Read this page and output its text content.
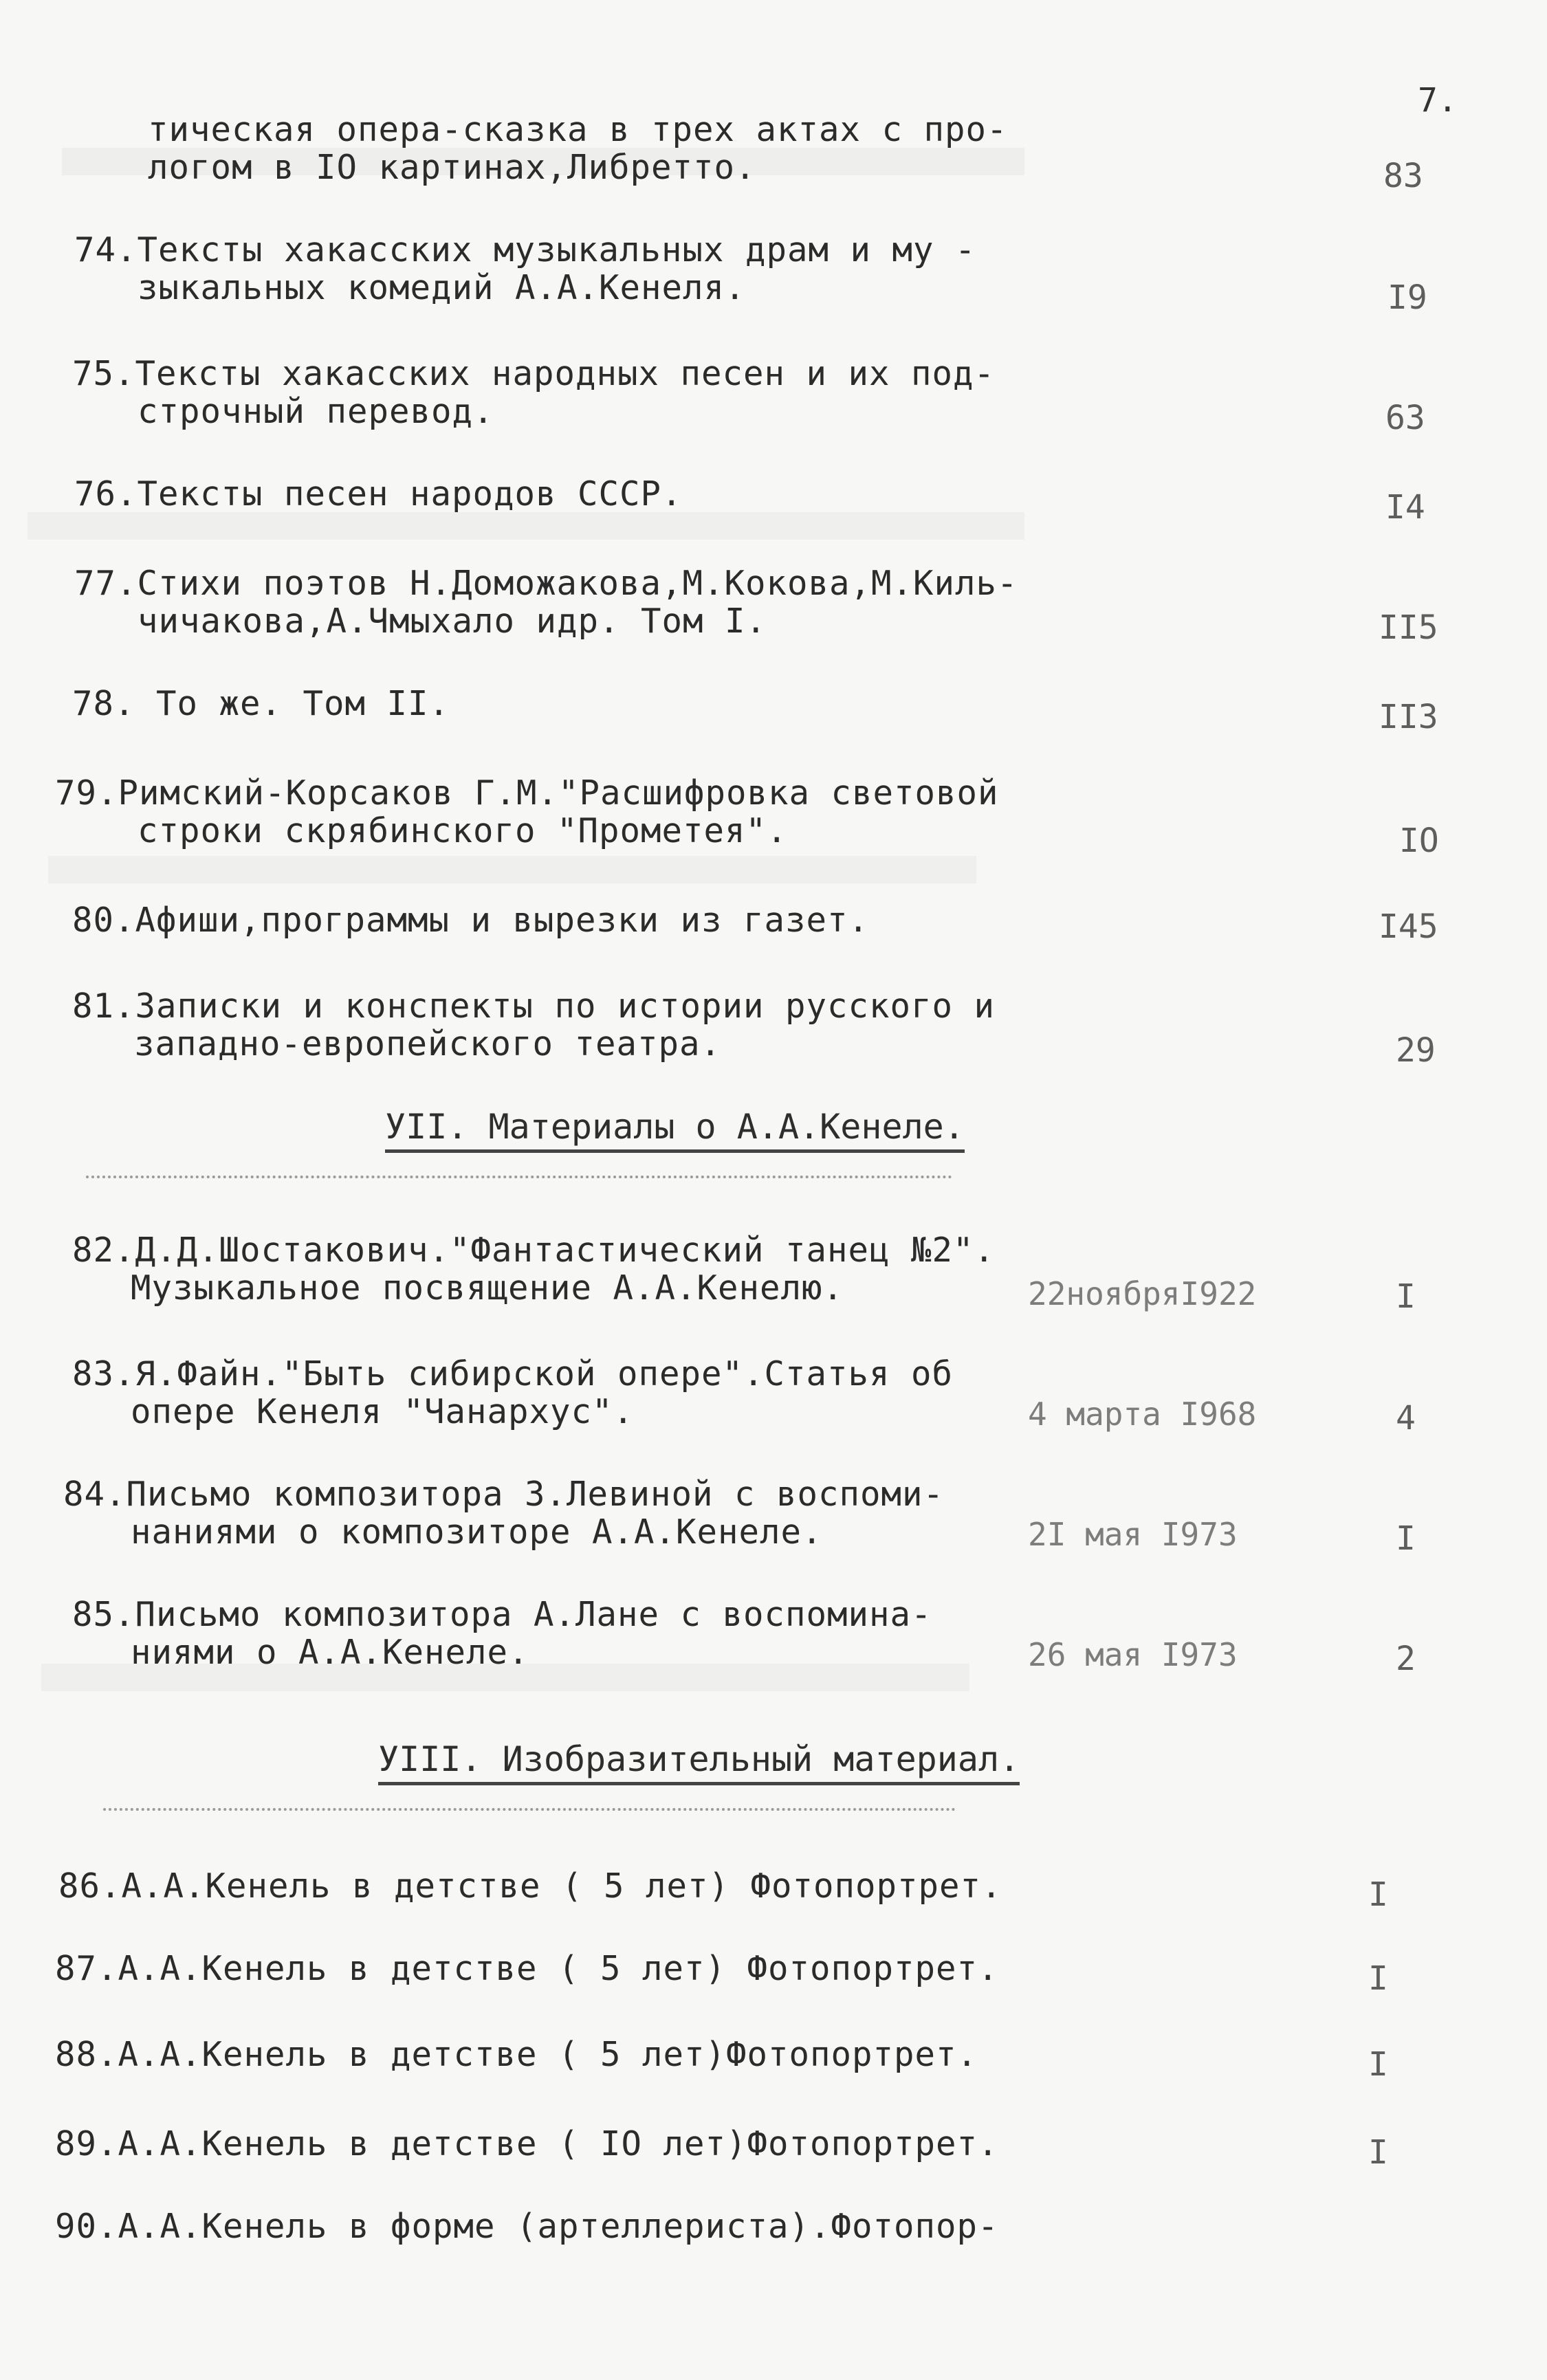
7.
тическая опера-сказка в трех актах с про-
логом в IO картинах,Либретто.	83
74.Тексты хакасских музыкальных драм и му -
зыкальных комедий А.А.Кенеля.	I9
75.Тексты хакасских народных песен и их под-
строчный перевод.	63
76.Тексты песен народов СССР.	I4
77.Стихи поэтов Н.Доможакова,М.Кокова,М.Киль-
чичакова,А.Чмыхало идр. Том I.	II5
78. То же. Том II.	II3
79.Римский-Корсаков Г.М."Расшифровка световой
строки скрябинского "Прометея".	IO
80.Афиши,программы и вырезки из газет.	I45
81.Записки и конспекты по истории русского и
западно-европейского театра.	29
УII. Материалы о А.А.Кенеле.
82.Д.Д.Шостакович."Фантастический танец №2".
Музыкальное посвящение А.А.Кенелю.	22ноябряI922	I
83.Я.Файн."Быть сибирской опере".Статья об
опере Кенеля "Чанархус".	4 марта I968	4
84.Письмо композитора З.Левиной с воспоми-
наниями о композиторе А.А.Кенеле.	2I мая I973	I
85.Письмо композитора А.Лане с воспомина-
ниями о А.А.Кенеле.	26 мая I973	2
УIII. Изобразительный материал.
86.А.А.Кенель в детстве ( 5 лет) Фотопортрет.	I
87.А.А.Кенель в детстве ( 5 лет) Фотопортрет.	I
88.А.А.Кенель в детстве ( 5 лет)Фотопортрет.	I
89.А.А.Кенель в детстве ( IO лет)Фотопортрет.	I
90.А.А.Кенель в форме (артеллериста).Фотопор-
